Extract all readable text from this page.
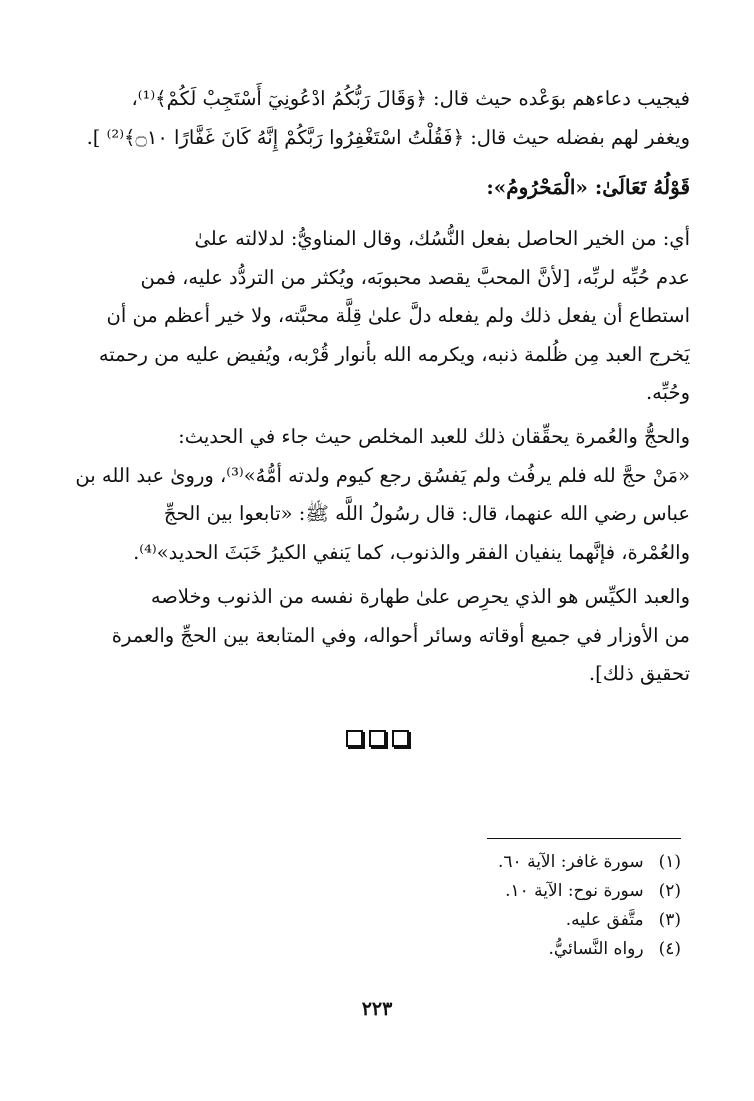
فيجيب دعاءهم بوَعْده حيث قال: ﴿وَقَالَ رَبُّكُمُ ادْعُونِيٓ أَسْتَجِبْ لَكُمْ﴾⁽¹⁾،
ويغفر لهم بفضله حيث قال: ﴿فَقُلْتُ اسْتَغْفِرُوا رَبَّكُمْ إِنَّهُ كَانَ غَفَّارًا ۝١٠﴾⁽²⁾ ].
قَوْلُهُ تَعَالَىٰ: «الْمَحْرُومُ»:
أي: من الخير الحاصل بفعل النُّسُك، وقال المناويُّ: لدلالته علىٰ
عدم حُبِّه لربِّه، [لأنَّ المحبَّ يقصد محبوبَه، ويُكثر من التردُّد عليه، فمن
استطاع أن يفعل ذلك ولم يفعله دلَّ علىٰ قِلَّة محبَّته، ولا خير أعظم من أن
يَخرج العبد مِن ظُلمة ذنبه، ويكرمه الله بأنوار قُرْبه، ويُفيض عليه من رحمته
وحُبِّه.
والحجُّ والعُمرة يحقِّقان ذلك للعبد المخلص حيث جاء في الحديث:
«مَنْ حجَّ لله فلم يرفُث ولم يَفسُق رجع كيوم ولدته أمُّهُ»⁽³⁾، وروىٰ عبد الله بن
عباس رضي الله عنهما، قال: قال رسُولُ اللَّه ﷺ: «تابعوا بين الحجِّ
والعُمْرة، فإنَّهما ينفيان الفقر والذنوب، كما يَنفي الكيرُ خَبَثَ الحديد»⁽⁴⁾.
والعبد الكيِّس هو الذي يحرِص علىٰ طهارة نفسه من الذنوب وخلاصه
من الأوزار في جميع أوقاته وسائر أحواله، وفي المتابعة بين الحجِّ والعمرة
تحقيق ذلك].
(١) سورة غافر: الآية ٦٠.
(٢) سورة نوح: الآية ١٠.
(٣) متَّفق عليه.
(٤) رواه النَّسائيُّ.
٢٢٣
